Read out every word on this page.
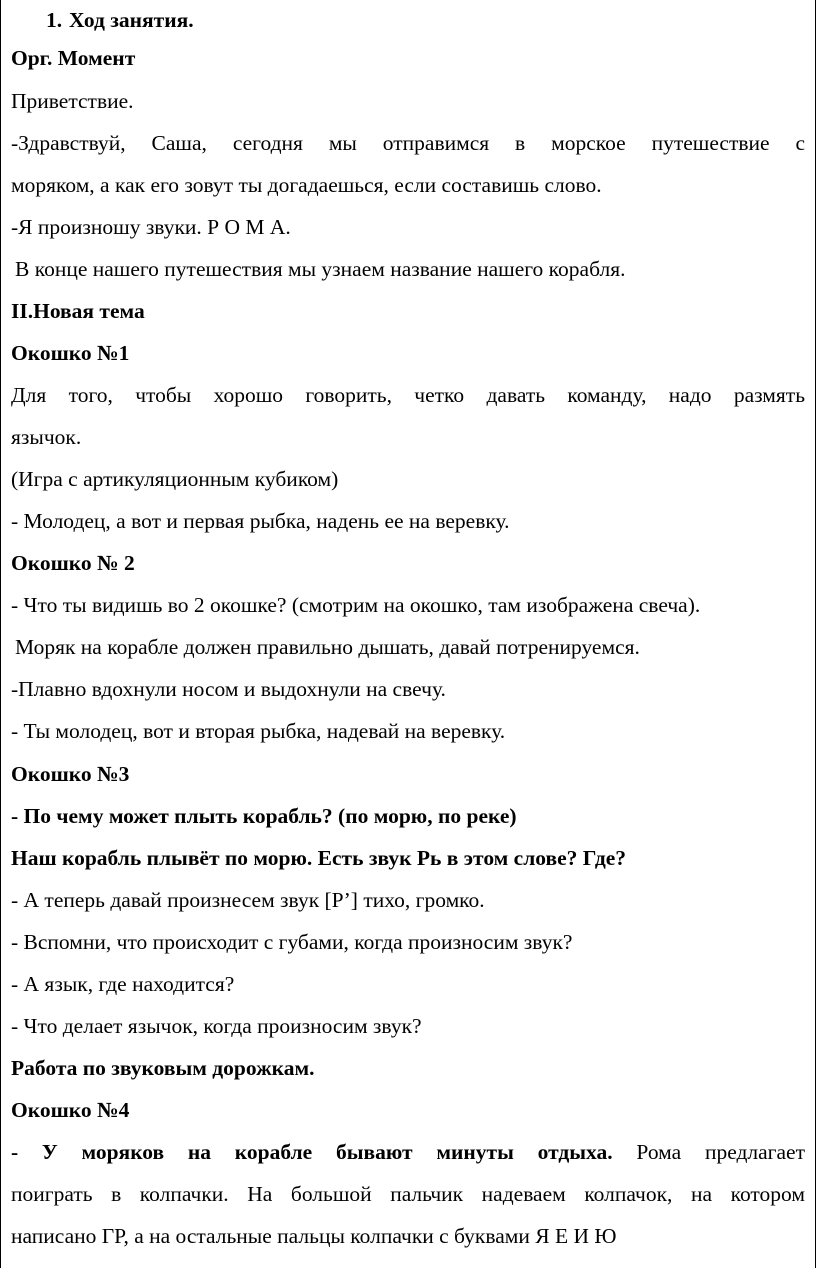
1. Ход занятия.
Орг. Момент
Приветствие.
-Здравствуй, Саша, сегодня мы отправимся в морское путешествие с
моряком, а как его зовут ты догадаешься, если составишь слово.
-Я произношу звуки. Р О М А.
В конце нашего путешествия мы узнаем название нашего корабля.
II.Новая тема
Окошко №1
Для того, чтобы хорошо говорить, четко давать команду, надо размять
язычок.
(Игра с артикуляционным кубиком)
- Молодец, а вот и первая рыбка, надень ее на веревку.
Окошко № 2
- Что ты видишь во 2 окошке? (смотрим на окошко, там изображена свеча).
Моряк на корабле должен правильно дышать, давай потренируемся.
-Плавно вдохнули носом и выдохнули на свечу.
- Ты молодец, вот и вторая рыбка, надевай на веревку.
Окошко №3
- По чему может плыть корабль? (по морю, по реке)
Наш корабль плывёт по морю. Есть звук Рь в этом слове? Где?
- А теперь давай произнесем звук [Р’] тихо, громко.
- Вспомни, что происходит с губами, когда произносим звук?
- А язык, где находится?
- Что делает язычок, когда произносим звук?
Работа по звуковым дорожкам.
Окошко №4
- У моряков на корабле бывают минуты отдыха. Рома предлагает
поиграть в колпачки. На большой пальчик надеваем колпачок, на котором
написано ГР, а на остальные пальцы колпачки с буквами Я Е И Ю
